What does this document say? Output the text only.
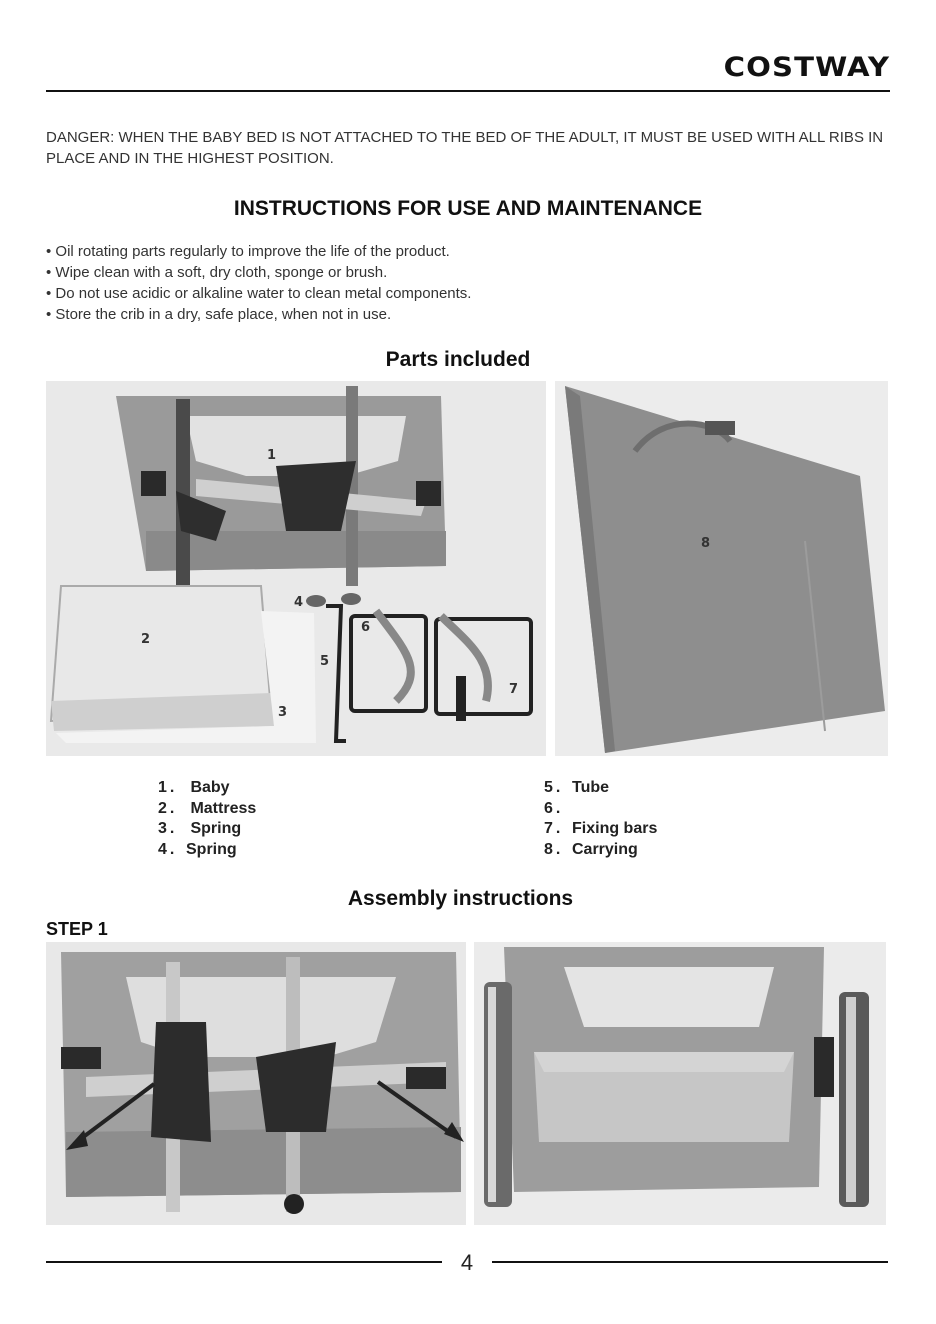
COSTWAY
DANGER: WHEN THE BABY BED IS NOT ATTACHED TO THE BED OF THE ADULT, IT MUST BE USED WITH ALL RIBS IN PLACE AND IN THE HIGHEST POSITION.
INSTRUCTIONS FOR USE AND MAINTENANCE
• Oil rotating parts regularly to improve the life of the product.
• Wipe clean with a soft, dry cloth, sponge or brush.
• Do not use acidic or alkaline water to clean metal components.
• Store the crib in a dry, safe place, when not in use.
Parts included
1
2
3
4
5
6
7
8
1. Baby
2. Mattress
3. Spring
4. Spring
5. Tube
6.
7. Fixing bars
8. Carrying
Assembly instructions
STEP 1
4
